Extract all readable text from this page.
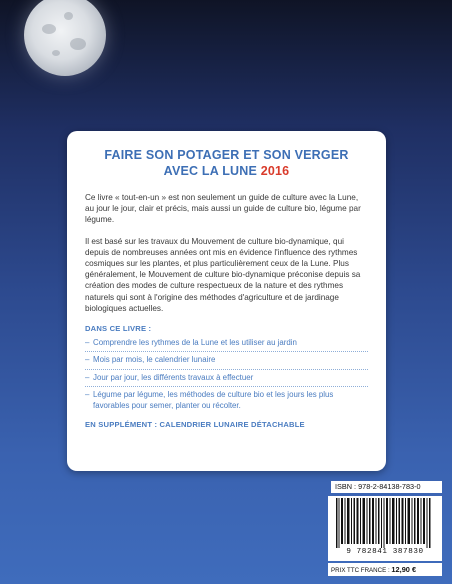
FAIRE SON POTAGER ET SON VERGER
AVEC LA LUNE 2016

Ce livre « tout-en-un » est non seulement un guide de culture avec la Lune, au jour le jour, clair et précis, mais aussi un guide de culture bio, légume par légume.

Il est basé sur les travaux du Mouvement de culture bio-dynamique, qui depuis de nombreuses années ont mis en évidence l'influence des rythmes cosmiques sur les plantes, et plus particulièrement ceux de la Lune. Plus généralement, le Mouvement de culture bio-dynamique préconise depuis sa création des modes de culture respectueux de la nature et des rythmes naturels qui sont à l'origine des méthodes d'agriculture et de jardinage biologiques actuelles.

DANS CE LIVRE :
– Comprendre les rythmes de la Lune et les utiliser au jardin
– Mois par mois, le calendrier lunaire
– Jour par jour, les différents travaux à effectuer
– Légume par légume, les méthodes de culture bio et les jours les plus favorables pour semer, planter ou récolter.
EN SUPPLÉMENT : CALENDRIER LUNAIRE DÉTACHABLE
ISBN : 978-2-84138-783-0
9 782841 387830
PRIX TTC FRANCE : 12,90 €
